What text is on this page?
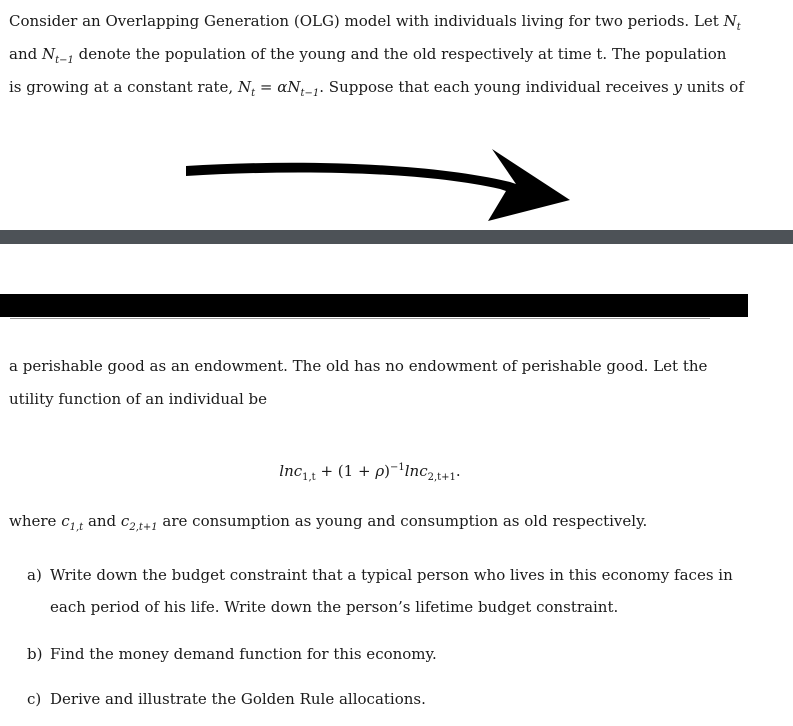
Consider an Overlapping Generation (OLG) model with individuals living for two periods. Let $N_t$
and $N_{t-1}$ denote the population of the young and the old respectively at time t. The population
is growing at a constant rate, $N_t = \alpha N_{t-1}$. Suppose that each young individual receives y units of
a perishable good as an endowment. The old has no endowment of perishable good. Let the
utility function of an individual be
$\ln c_{1,t} + (1 + \rho)^{-1}\ln c_{2,t+1}$.
where $c_{1,t}$ and $c_{2,t+1}$ are consumption as young and consumption as old respectively.
a) Write down the budget constraint that a typical person who lives in this economy faces in
each period of his life. Write down the person’s lifetime budget constraint.
b) Find the money demand function for this economy.
c) Derive and illustrate the Golden Rule allocations.
